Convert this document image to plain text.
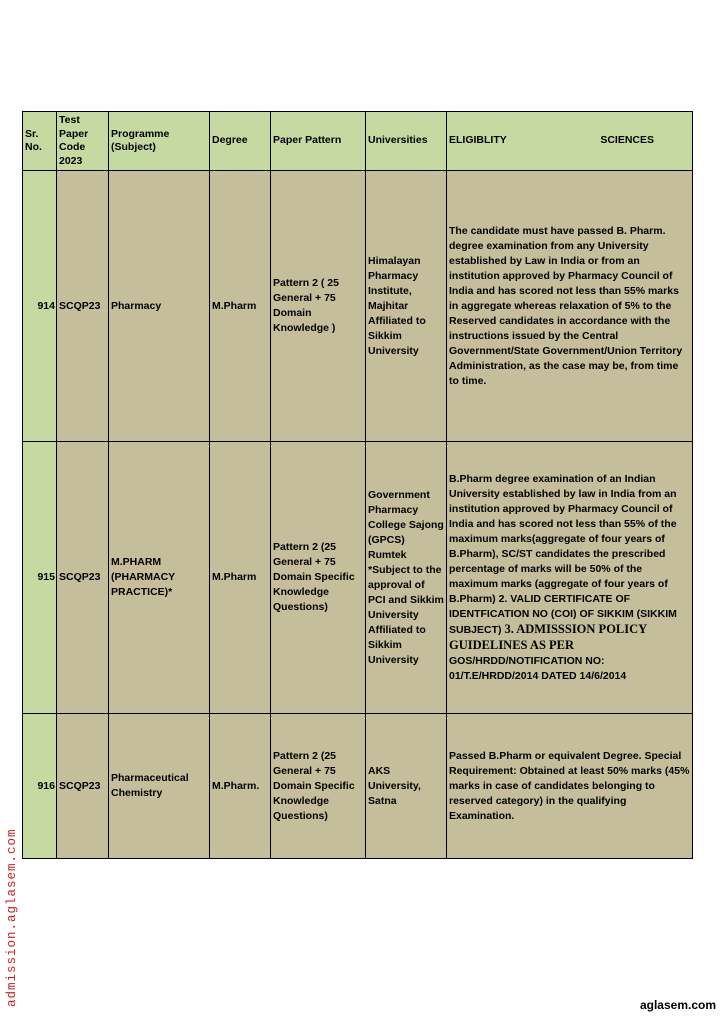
Sr. No.	Test Paper Code 2023	Programme (Subject)	Degree	Paper Pattern	Universities	ELIGIBLITY SCIENCES

914	SCQP23	Pharmacy	M.Pharm	Pattern 2 ( 25 General + 75 Domain Knowledge )	Himalayan Pharmacy Institute, Majhitar Affiliated to Sikkim University	The candidate must have passed B. Pharm. degree examination from any University established by Law in India or from an institution approved by Pharmacy Council of India and has scored not less than 55% marks in aggregate whereas relaxation of 5% to the Reserved candidates in accordance with the instructions issued by the Central Government/State Government/Union Territory Administration, as the case may be, from time to time.
915	SCQP23	M.PHARM (PHARMACY PRACTICE)*	M.Pharm	Pattern 2 (25 General + 75 Domain Specific Knowledge Questions)	Government Pharmacy College Sajong (GPCS) Rumtek *Subject to the approval of PCI and Sikkim University Affiliated to Sikkim University	B.Pharm degree examination of an Indian University established by law in India from an institution approved by Pharmacy Council of India and has scored not less than 55% of the maximum marks(aggregate of four years of B.Pharm), SC/ST candidates the prescribed percentage of marks will be 50% of the maximum marks (aggregate of four years of B.Pharm) 2. VALID CERTIFICATE OF IDENTFICATION NO (COI) OF SIKKIM (SIKKIM SUBJECT) 3. ADMISSSION POLICY GUIDELINES AS PER GOS/HRDD/NOTIFICATION NO: 01/T.E/HRDD/2014 DATED 14/6/2014
916	SCQP23	Pharmaceutical Chemistry	M.Pharm.	Pattern 2 (25 General + 75 Domain Specific Knowledge Questions)	AKS University, Satna	Passed B.Pharm or equivalent Degree. Special Requirement: Obtained at least 50% marks (45% marks in case of candidates belonging to reserved category) in the qualifying Examination.
admission.aglasem.com	aglasem.com
